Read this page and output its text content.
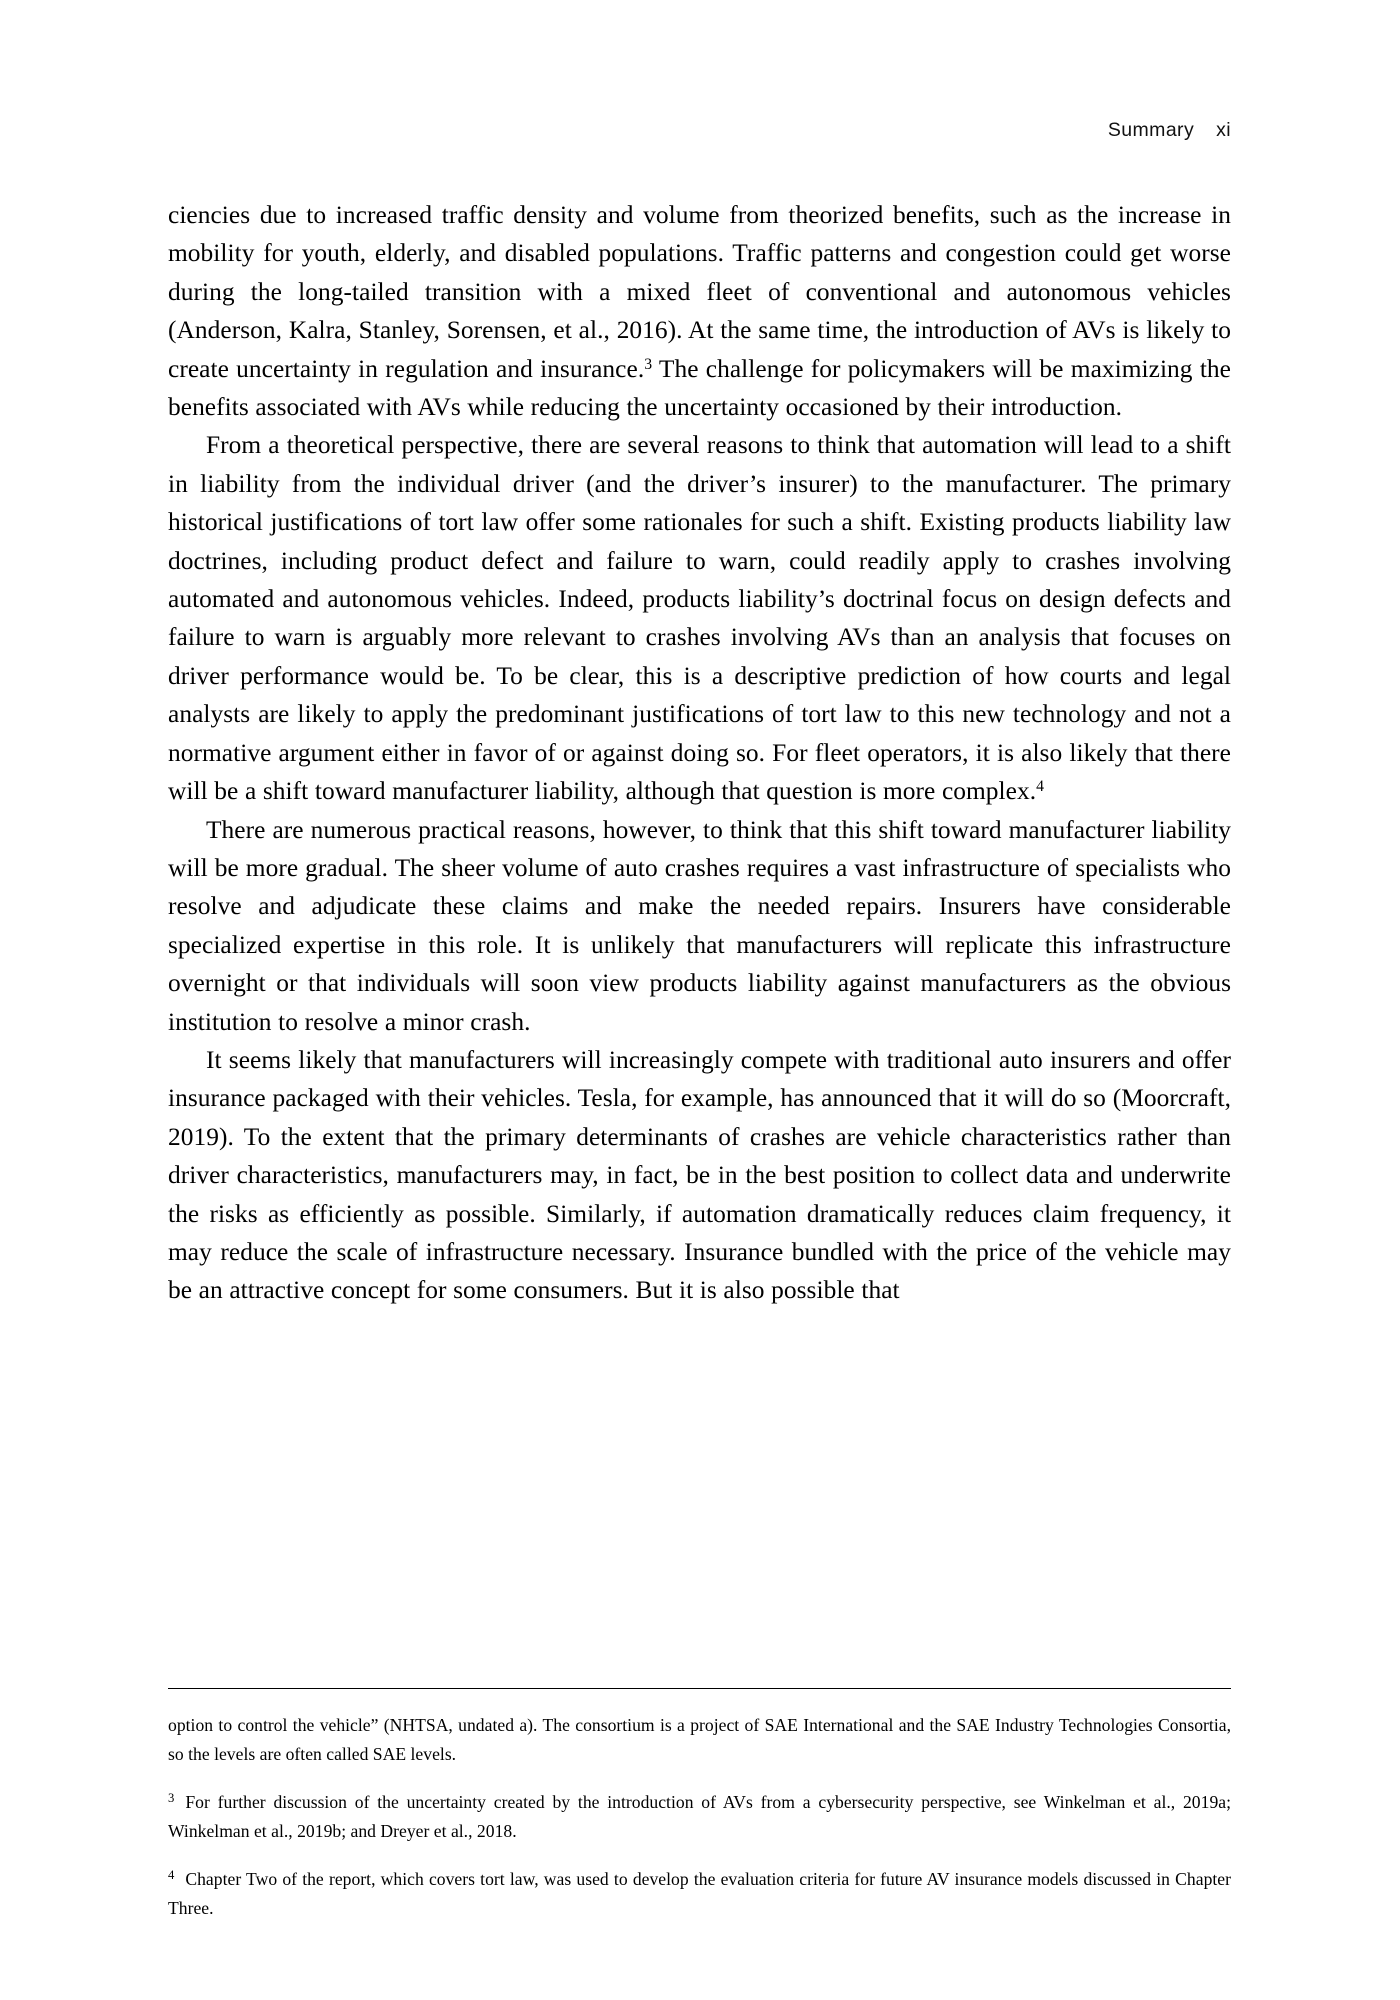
Summary xi

ciencies due to increased traffic density and volume from theorized benefits, such as the increase in mobility for youth, elderly, and disabled populations. Traffic patterns and congestion could get worse during the long-tailed transition with a mixed fleet of conventional and autonomous vehicles (Anderson, Kalra, Stanley, Sorensen, et al., 2016). At the same time, the introduction of AVs is likely to create uncertainty in regulation and insurance.$^3$ The challenge for policymakers will be maximizing the benefits associated with AVs while reducing the uncertainty occasioned by their introduction.

From a theoretical perspective, there are several reasons to think that automation will lead to a shift in liability from the individual driver (and the driver’s insurer) to the manufacturer. The primary historical justifications of tort law offer some rationales for such a shift. Existing products liability law doctrines, including product defect and failure to warn, could readily apply to crashes involving automated and autonomous vehicles. Indeed, products liability’s doctrinal focus on design defects and failure to warn is arguably more relevant to crashes involving AVs than an analysis that focuses on driver performance would be. To be clear, this is a descriptive prediction of how courts and legal analysts are likely to apply the predominant justifications of tort law to this new technology and not a normative argument either in favor of or against doing so. For fleet operators, it is also likely that there will be a shift toward manufacturer liability, although that question is more complex.$^4$

There are numerous practical reasons, however, to think that this shift toward manufacturer liability will be more gradual. The sheer volume of auto crashes requires a vast infrastructure of specialists who resolve and adjudicate these claims and make the needed repairs. Insurers have considerable specialized expertise in this role. It is unlikely that manufacturers will replicate this infrastructure overnight or that individuals will soon view products liability against manufacturers as the obvious institution to resolve a minor crash.

It seems likely that manufacturers will increasingly compete with traditional auto insurers and offer insurance packaged with their vehicles. Tesla, for example, has announced that it will do so (Moorcraft, 2019). To the extent that the primary determinants of crashes are vehicle characteristics rather than driver characteristics, manufacturers may, in fact, be in the best position to collect data and underwrite the risks as efficiently as possible. Similarly, if automation dramatically reduces claim frequency, it may reduce the scale of infrastructure necessary. Insurance bundled with the price of the vehicle may be an attractive concept for some consumers. But it is also possible that

option to control the vehicle” (NHTSA, undated a). The consortium is a project of SAE International and the SAE Industry Technologies Consortia, so the levels are often called SAE levels.

$^3$ For further discussion of the uncertainty created by the introduction of AVs from a cybersecurity perspective, see Winkelman et al., 2019a; Winkelman et al., 2019b; and Dreyer et al., 2018.

$^4$ Chapter Two of the report, which covers tort law, was used to develop the evaluation criteria for future AV insurance models discussed in Chapter Three.
